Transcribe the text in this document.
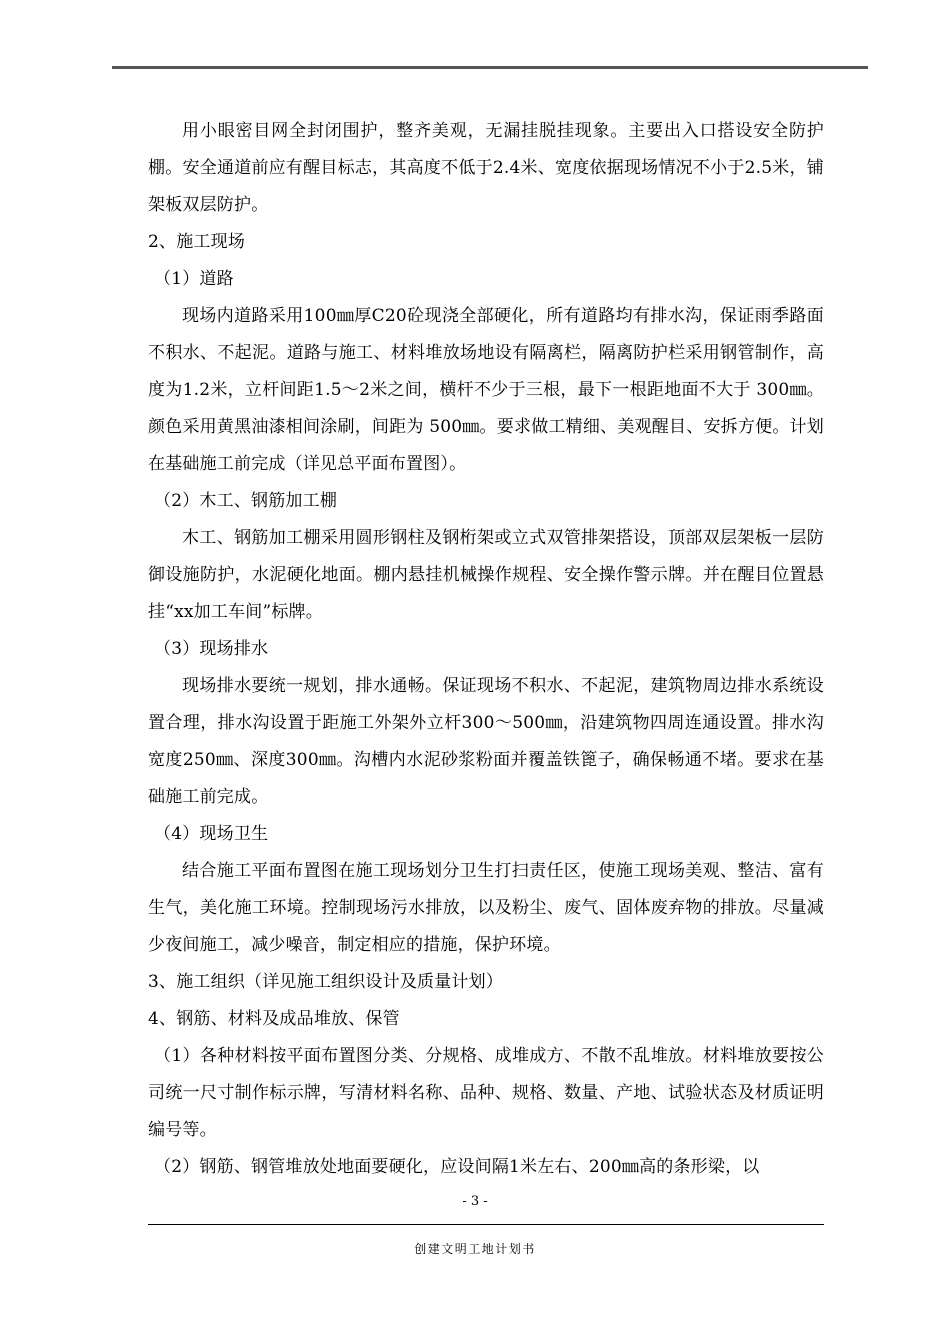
用小眼密目网全封闭围护，整齐美观，无漏挂脱挂现象。主要出入口搭设安全防护棚。安全通道前应有醒目标志，其高度不低于2.4米、宽度依据现场情况不小于2.5米，铺架板双层防护。

2、施工现场

（1）道路

现场内道路采用100㎜厚C20砼现浇全部硬化，所有道路均有排水沟，保证雨季路面不积水、不起泥。道路与施工、材料堆放场地设有隔离栏，隔离防护栏采用钢管制作，高度为1.2米，立杆间距1.5～2米之间，横杆不少于三根，最下一根距地面不大于 300㎜。颜色采用黄黑油漆相间涂刷，间距为 500㎜。要求做工精细、美观醒目、安拆方便。计划在基础施工前完成（详见总平面布置图）。

（2）木工、钢筋加工棚

木工、钢筋加工棚采用圆形钢柱及钢桁架或立式双管排架搭设，顶部双层架板一层防御设施防护，水泥硬化地面。棚内悬挂机械操作规程、安全操作警示牌。并在醒目位置悬挂“xx加工车间”标牌。

（3）现场排水

现场排水要统一规划，排水通畅。保证现场不积水、不起泥，建筑物周边排水系统设置合理，排水沟设置于距施工外架外立杆300～500㎜，沿建筑物四周连通设置。排水沟宽度250㎜、深度300㎜。沟槽内水泥砂浆粉面并覆盖铁篦子，确保畅通不堵。要求在基础施工前完成。

（4）现场卫生

结合施工平面布置图在施工现场划分卫生打扫责任区，使施工现场美观、整洁、富有生气，美化施工环境。控制现场污水排放，以及粉尘、废气、固体废弃物的排放。尽量减少夜间施工，减少噪音，制定相应的措施，保护环境。

3、施工组织（详见施工组织设计及质量计划）

4、钢筋、材料及成品堆放、保管

（1）各种材料按平面布置图分类、分规格、成堆成方、不散不乱堆放。材料堆放要按公司统一尺寸制作标示牌，写清材料名称、品种、规格、数量、产地、试验状态及材质证明编号等。

（2）钢筋、钢管堆放处地面要硬化，应设间隔1米左右、200㎜高的条形梁，以

- 3 -
创建文明工地计划书
